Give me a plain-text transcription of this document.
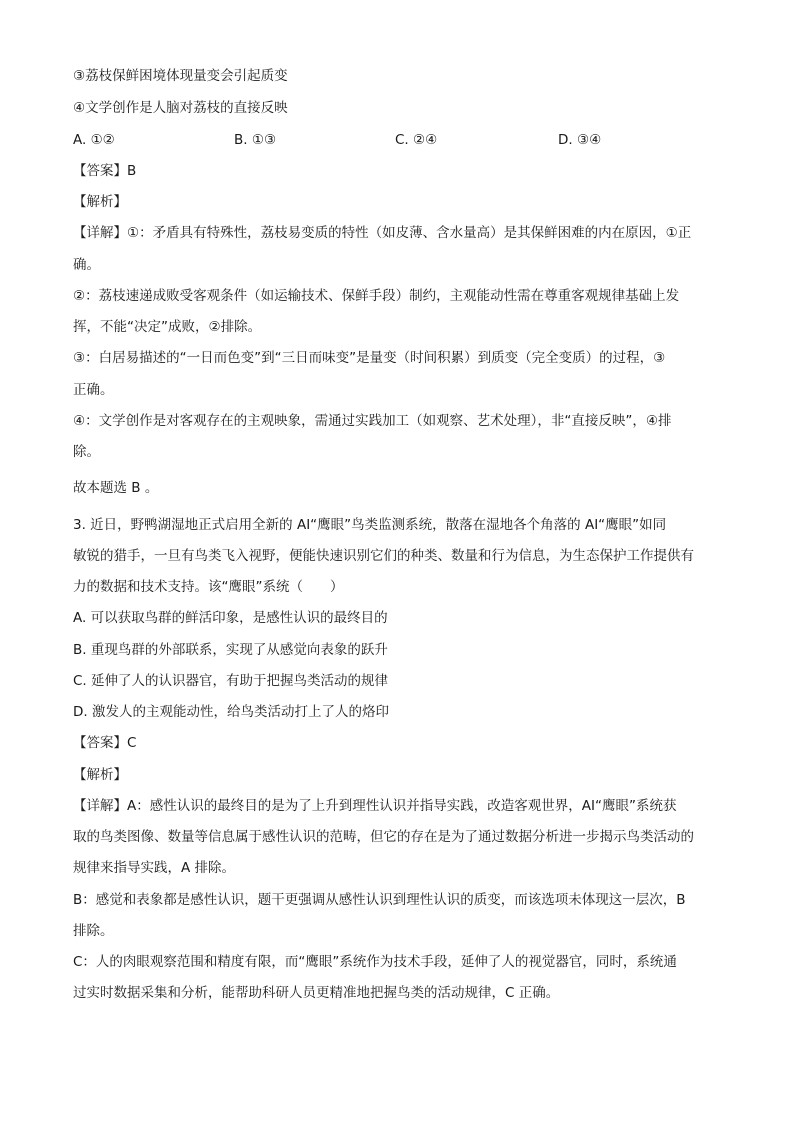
③荔枝保鲜困境体现量变会引起质变
④文学创作是人脑对荔枝的直接反映
A. ①②	B. ①③	C. ②④	D. ③④
【答案】B
【解析】
【详解】①：矛盾具有特殊性，荔枝易变质的特性（如皮薄、含水量高）是其保鲜困难的内在原因，①正
确。
②：荔枝速递成败受客观条件（如运输技术、保鲜手段）制约，主观能动性需在尊重客观规律基础上发
挥，不能“决定”成败，②排除。
③：白居易描述的“一日而色变”到“三日而味变”是量变（时间积累）到质变（完全变质）的过程，③
正确。
④：文学创作是对客观存在的主观映象，需通过实践加工（如观察、艺术处理），非“直接反映”，④排
除。
故本题选 B 。
3. 近日，野鸭湖湿地正式启用全新的 AI“鹰眼”鸟类监测系统，散落在湿地各个角落的 AI“鹰眼”如同
敏锐的猎手，一旦有鸟类飞入视野，便能快速识别它们的种类、数量和行为信息，为生态保护工作提供有
力的数据和技术支持。该“鹰眼”系统（　　）
A. 可以获取鸟群的鲜活印象，是感性认识的最终目的
B. 重现鸟群的外部联系，实现了从感觉向表象的跃升
C. 延伸了人的认识器官，有助于把握鸟类活动的规律
D. 激发人的主观能动性，给鸟类活动打上了人的烙印
【答案】C
【解析】
【详解】A：感性认识的最终目的是为了上升到理性认识并指导实践，改造客观世界，AI“鹰眼”系统获
取的鸟类图像、数量等信息属于感性认识的范畴，但它的存在是为了通过数据分析进一步揭示鸟类活动的
规律来指导实践，A 排除。
B：感觉和表象都是感性认识，题干更强调从感性认识到理性认识的质变，而该选项未体现这一层次，B
排除。
C：人的肉眼观察范围和精度有限，而“鹰眼”系统作为技术手段，延伸了人的视觉器官，同时，系统通
过实时数据采集和分析，能帮助科研人员更精准地把握鸟类的活动规律，C 正确。
